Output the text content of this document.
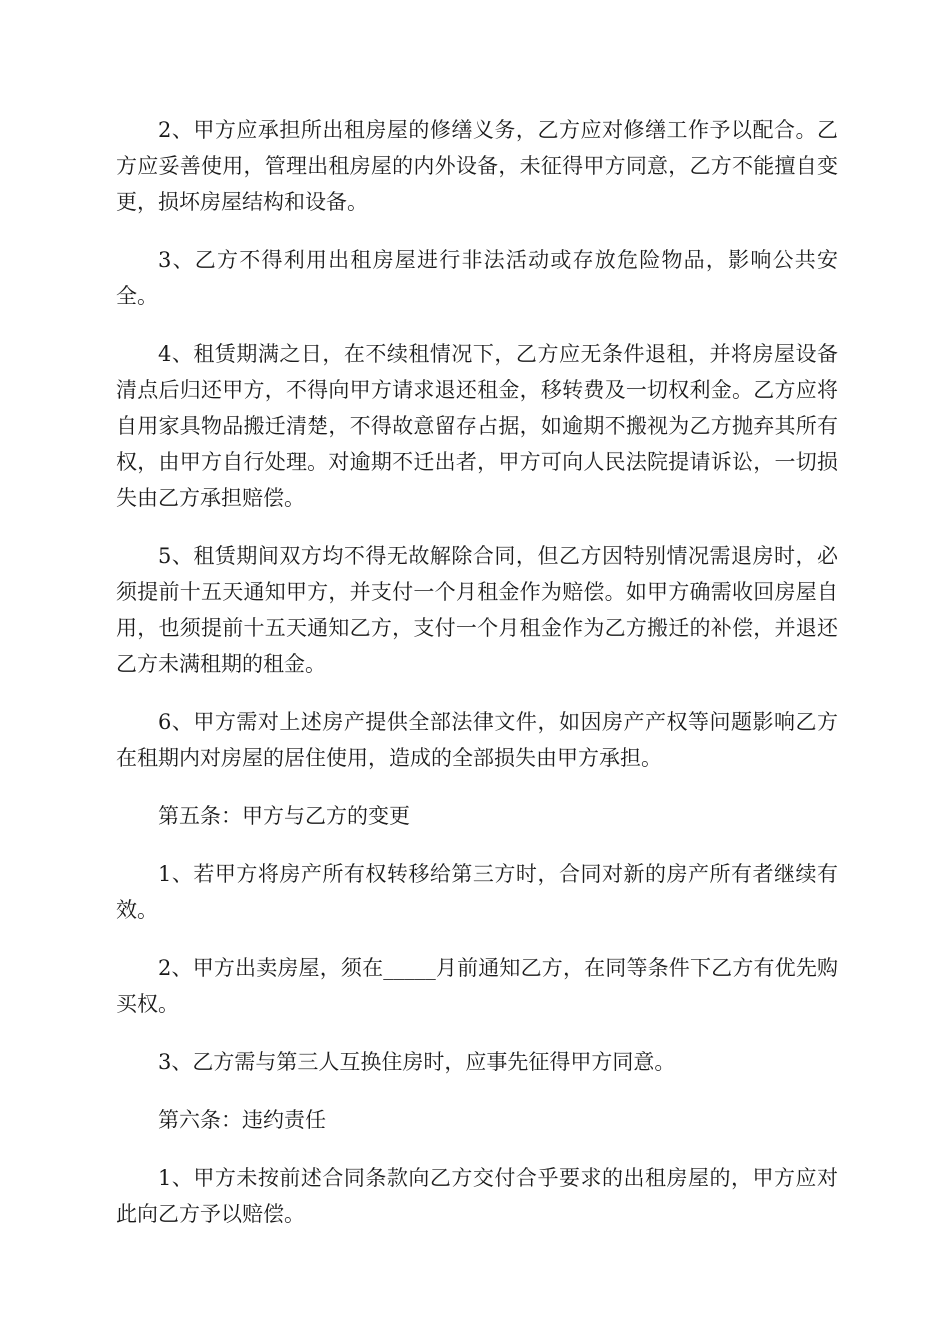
2、甲方应承担所出租房屋的修缮义务，乙方应对修缮工作予以配合。乙方应妥善使用，管理出租房屋的内外设备，未征得甲方同意，乙方不能擅自变更，损坏房屋结构和设备。

3、乙方不得利用出租房屋进行非法活动或存放危险物品，影响公共安全。

4、租赁期满之日，在不续租情况下，乙方应无条件退租，并将房屋设备清点后归还甲方，不得向甲方请求退还租金，移转费及一切权利金。乙方应将自用家具物品搬迁清楚，不得故意留存占据，如逾期不搬视为乙方抛弃其所有权，由甲方自行处理。对逾期不迁出者，甲方可向人民法院提请诉讼，一切损失由乙方承担赔偿。

5、租赁期间双方均不得无故解除合同，但乙方因特别情况需退房时，必须提前十五天通知甲方，并支付一个月租金作为赔偿。如甲方确需收回房屋自用，也须提前十五天通知乙方，支付一个月租金作为乙方搬迁的补偿，并退还乙方未满租期的租金。

6、甲方需对上述房产提供全部法律文件，如因房产产权等问题影响乙方在租期内对房屋的居住使用，造成的全部损失由甲方承担。

第五条：甲方与乙方的变更

1、若甲方将房产所有权转移给第三方时，合同对新的房产所有者继续有效。

2、甲方出卖房屋，须在_____月前通知乙方，在同等条件下乙方有优先购买权。

3、乙方需与第三人互换住房时，应事先征得甲方同意。

第六条：违约责任

1、甲方未按前述合同条款向乙方交付合乎要求的出租房屋的，甲方应对此向乙方予以赔偿。
